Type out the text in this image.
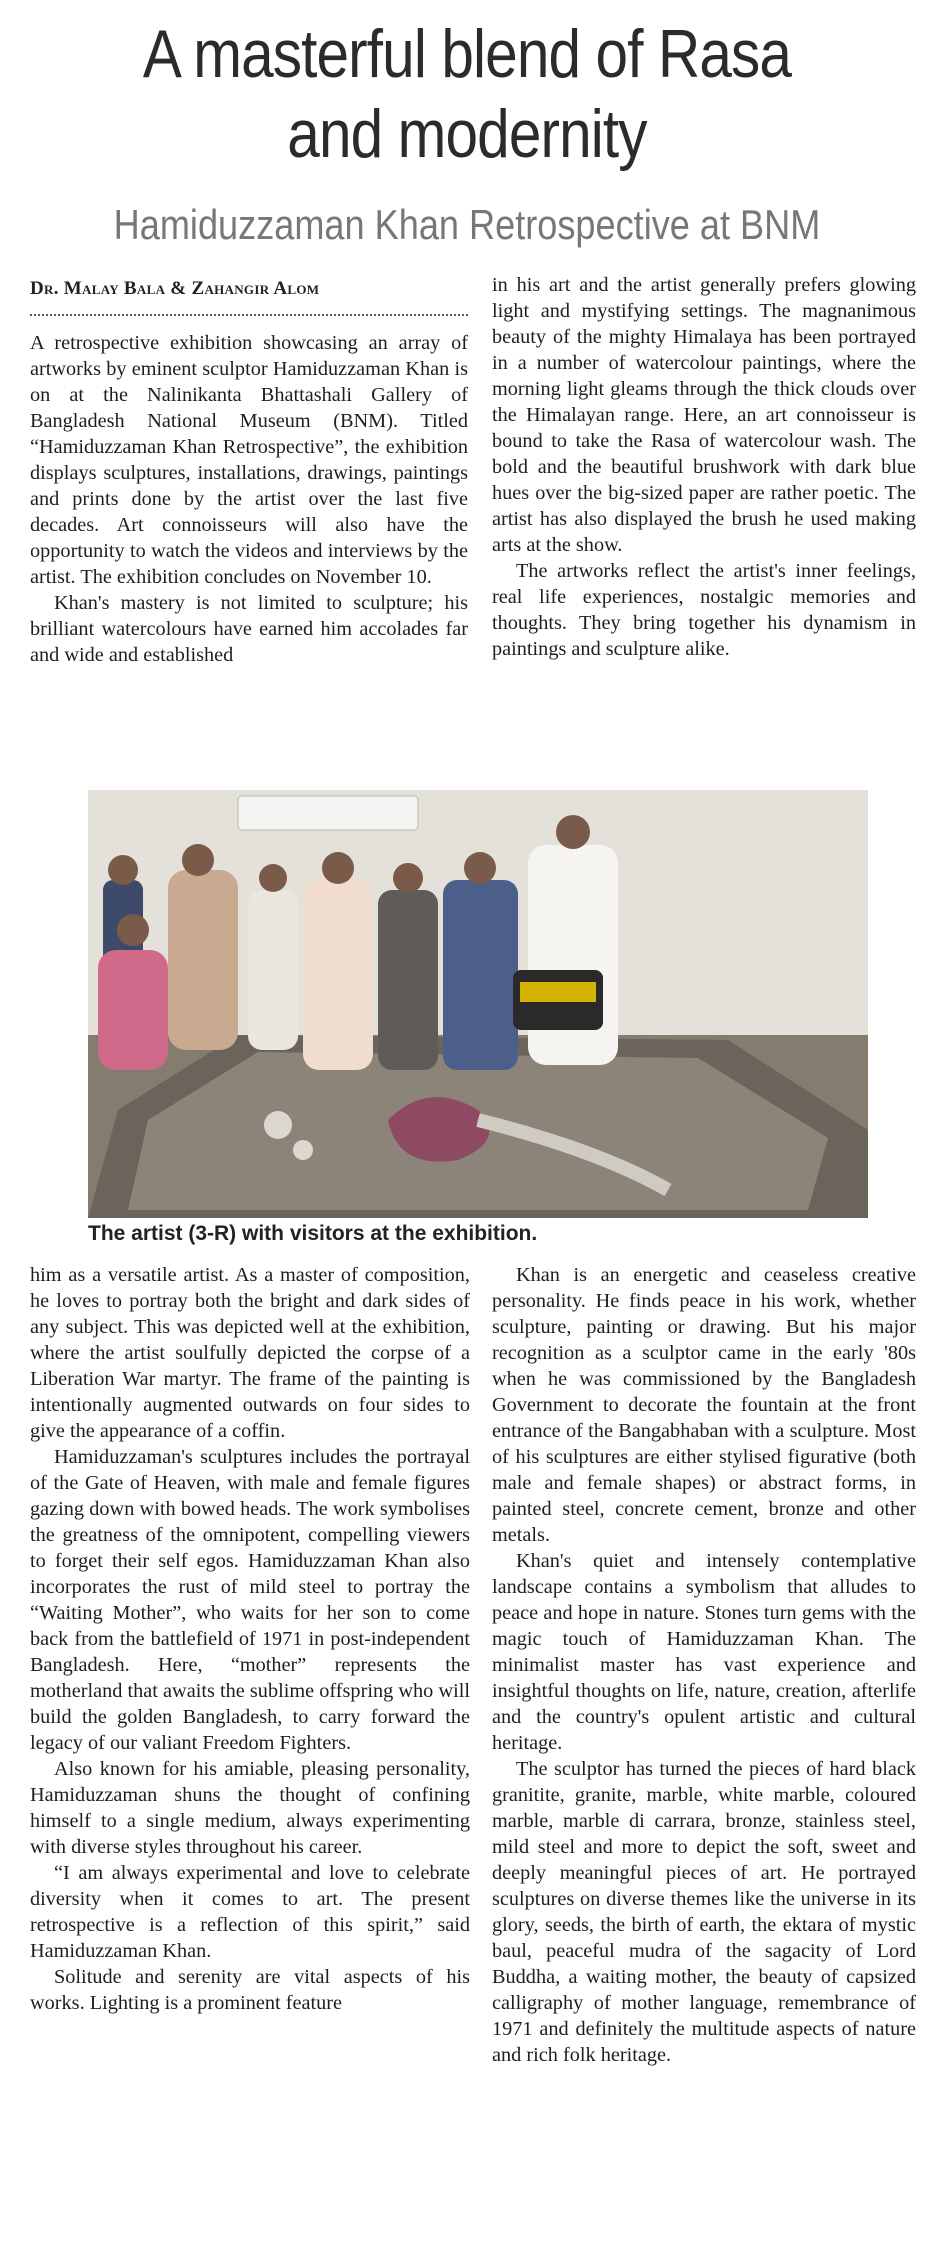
A masterful blend of Rasa
and modernity
Hamiduzzaman Khan Retrospective at BNM
Dr. Malay Bala & Zahangir Alom

A retrospective exhibition showcasing an array of artworks by eminent sculptor Hamiduzzaman Khan is on at the Nalinikanta Bhattashali Gallery of Bangladesh National Museum (BNM). Titled “Hamiduzzaman Khan Retrospective”, the exhibition displays sculptures, installations, drawings, paintings and prints done by the artist over the last five decades. Art connoisseurs will also have the opportunity to watch the videos and interviews by the artist. The exhibition concludes on November 10.

Khan's mastery is not limited to sculpture; his brilliant watercolours have earned him accolades far and wide and established

in his art and the artist generally prefers glowing light and mystifying settings. The magnanimous beauty of the mighty Himalaya has been portrayed in a number of watercolour paintings, where the morning light gleams through the thick clouds over the Himalayan range. Here, an art connoisseur is bound to take the Rasa of watercolour wash. The bold and the beautiful brushwork with dark blue hues over the big-sized paper are rather poetic. The artist has also displayed the brush he used making arts at the show.

The artworks reflect the artist's inner feelings, real life experiences, nostalgic memories and thoughts. They bring together his dynamism in paintings and sculpture alike.

The artist (3-R) with visitors at the exhibition.

him as a versatile artist. As a master of composition, he loves to portray both the bright and dark sides of any subject. This was depicted well at the exhibition, where the artist soulfully depicted the corpse of a Liberation War martyr. The frame of the painting is intentionally augmented outwards on four sides to give the appearance of a coffin.

Hamiduzzaman's sculptures includes the portrayal of the Gate of Heaven, with male and female figures gazing down with bowed heads. The work symbolises the greatness of the omnipotent, compelling viewers to forget their self egos. Hamiduzzaman Khan also incorporates the rust of mild steel to portray the “Waiting Mother”, who waits for her son to come back from the battlefield of 1971 in post-independent Bangladesh. Here, “mother” represents the motherland that awaits the sublime offspring who will build the golden Bangladesh, to carry forward the legacy of our valiant Freedom Fighters.

Also known for his amiable, pleasing personality, Hamiduzzaman shuns the thought of confining himself to a single medium, always experimenting with diverse styles throughout his career.

“I am always experimental and love to celebrate diversity when it comes to art. The present retrospective is a reflection of this spirit,” said Hamiduzzaman Khan.

Solitude and serenity are vital aspects of his works. Lighting is a prominent feature

Khan is an energetic and ceaseless creative personality. He finds peace in his work, whether sculpture, painting or drawing. But his major recognition as a sculptor came in the early '80s when he was commissioned by the Bangladesh Government to decorate the fountain at the front entrance of the Bangabhaban with a sculpture. Most of his sculptures are either stylised figurative (both male and female shapes) or abstract forms, in painted steel, concrete cement, bronze and other metals.

Khan's quiet and intensely contemplative landscape contains a symbolism that alludes to peace and hope in nature. Stones turn gems with the magic touch of Hamiduzzaman Khan. The minimalist master has vast experience and insightful thoughts on life, nature, creation, afterlife and the country's opulent artistic and cultural heritage.

The sculptor has turned the pieces of hard black granitite, granite, marble, white marble, coloured marble, marble di carrara, bronze, stainless steel, mild steel and more to depict the soft, sweet and deeply meaningful pieces of art. He portrayed sculptures on diverse themes like the universe in its glory, seeds, the birth of earth, the ektara of mystic baul, peaceful mudra of the sagacity of Lord Buddha, a waiting mother, the beauty of capsized calligraphy of mother language, remembrance of 1971 and definitely the multitude aspects of nature and rich folk heritage.
